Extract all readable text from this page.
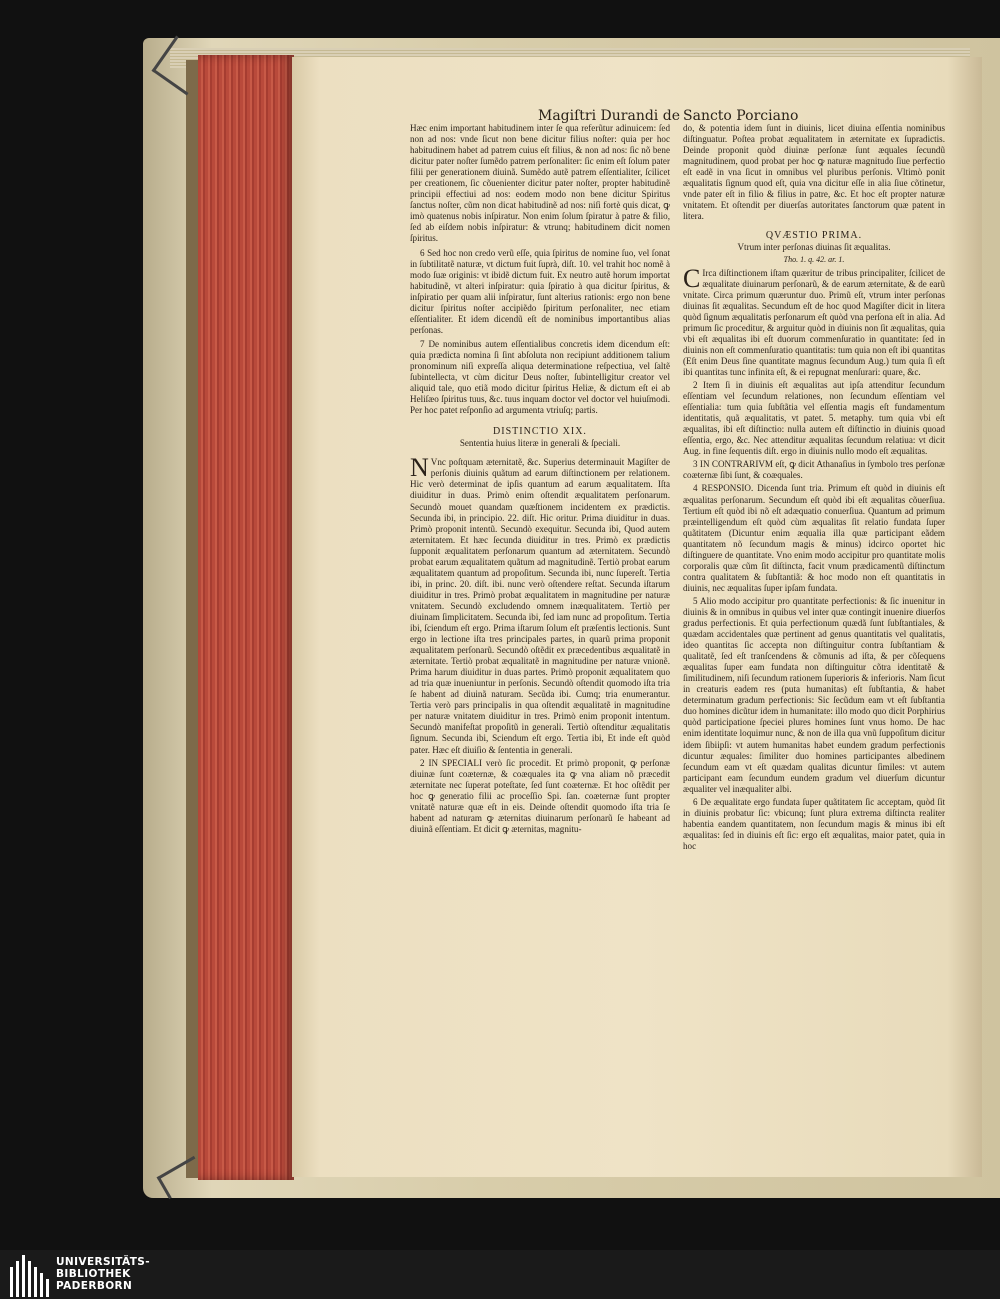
Magiſtri Durandi de Sancto Porciano

Hæc enim important habitudinem inter ſe qua referũtur adinuicem: ſed non ad nos: vnde ſicut non bene dicitur filius noſter: quia per hoc habitudinem habet ad patrem cuius eſt filius, & non ad nos: ſic nõ bene dicitur pater noſter ſumẽdo patrem perſonaliter: ſic enim eſt ſolum pater filii per generationem diuinã. Sumẽdo autẽ patrem eſſentialiter, ſcilicet per creationem, ſic cõuenienter dicitur pater noſter, propter habitudinẽ principii effectiui ad nos: eodem modo non bene dicitur Spiritus ſanctus noſter, cũm non dicat habitudinẽ ad nos: niſi fortè quis dicat, ꝙ imò quatenus nobis inſpiratur. Non enim ſolum ſpiratur à patre & filio, ſed ab eiſdem nobis inſpiratur: & vtrunq; habitudinem dicit nomen ſpiritus.

6 Sed hoc non credo verũ eſſe, quia ſpiritus de nomine ſuo, vel ſonat in ſubtilitatẽ naturæ, vt dictum fuit ſuprà, diſt. 10. vel trahit hoc nomẽ à modo ſuæ originis: vt ibidẽ dictum fuit. Ex neutro autẽ horum importat habitudinẽ, vt alteri inſpiratur: quia ſpiratio à qua dicitur ſpiritus, & inſpiratio per quam alii inſpiratur, ſunt alterius rationis: ergo non bene dicitur ſpiritus noſter accipiẽdo ſpiritum perſonaliter, nec etiam eſſentialiter. Et idem dicendũ eſt de nominibus importantibus alias perſonas.

7 De nominibus autem eſſentialibus concretis idem dicendum eſt: quia prædicta nomina ſi ſint abſoluta non recipiunt additionem talium pronominum niſi expreſſa aliqua determinatione reſpectiua, vel ſaltẽ ſubintellecta, vt cùm dicitur Deus noſter, ſubintelligitur creator vel aliquid tale, quo etiã modo dicitur ſpiritus Heliæ, & dictum eſt ei ab Heliſæo ſpiritus tuus, &c. tuus inquam doctor vel doctor vel huiuſmodi. Per hoc patet reſponſio ad argumenta vtriuſq; partis.

DISTINCTIO XIX.

Sententia huius literæ in generali & ſpeciali.

N Vnc poſtquam æternitatẽ, &c. Superius determinauit Magiſter de perſonis diuinis quãtum ad earum diſtinctionem per relationem. Hic verò determinat de ipſis quantum ad earum æqualitatem. Iſta diuiditur in duas. Primò enim oſtendit æqualitatem perſonarum. Secundò mouet quandam quæſtionem incidentem ex prædictis. Secunda ibi, in principio. 22. diſt. Hic oritur. Prima diuiditur in duas. Primò proponit intentũ. Secundò exequitur. Secunda ibi, Quod autem æternitatem. Et hæc ſecunda diuiditur in tres. Primò ex prædictis ſupponit æqualitatem perſonarum quantum ad æternitatem. Secundò probat earum æqualitatem quãtum ad magnitudinẽ. Tertiò probat earum æqualitatem quantum ad propoſitum. Secunda ibi, nunc ſupereſt. Tertia ibi, in princ. 20. diſt. ibi. nunc verò oſtendere reſtat. Secunda iſtarum diuiditur in tres. Primò probat æqualitatem in magnitudine per naturæ vnitatem. Secundò excludendo omnem inæqualitatem. Tertiò per diuinam ſimplicitatem. Secunda ibi, ſed iam nunc ad propoſitum. Tertia ibi, ſciendum eſt ergo. Prima iſtarum ſolum eſt præſentis lectionis. Sunt ergo in lectione iſta tres principales partes, in quarũ prima proponit æqualitatem perſonarũ. Secundò oſtẽdit ex præcedentibus æqualitatẽ in æternitate. Tertiò probat æqualitatẽ in magnitudine per naturæ vnionẽ. Prima harum diuiditur in duas partes. Primò proponit æqualitatem quo ad tria quæ inueniuntur in perſonis. Secundò oſtendit quomodo iſta tria ſe habent ad diuinã naturam. Secũda ibi. Cumq; tria enumerantur. Tertia verò pars principalis in qua oſtendit æqualitatẽ in magnitudine per naturæ vnitatem diuiditur in tres. Primò enim proponit intentum. Secundò manifeſtat propoſitũ in generali. Tertiò oſtenditur æqualitatis ſignum. Secunda ibi, Sciendum eſt ergo. Tertia ibi, Et inde eſt quòd pater. Hæc eſt diuiſio & ſententia in generali.

2 IN SPECIALI verò ſic procedit. Et primò proponit, ꝙ perſonæ diuinæ ſunt coæternæ, & coæquales ita ꝙ vna aliam nõ præcedit æternitate nec ſuperat poteſtate, ſed ſunt coæternæ. Et hoc oſtẽdit per hoc ꝙ generatio filii ac proceſſio Spi. ſan. coæternæ ſunt propter vnitatẽ naturæ quæ eſt in eis. Deinde oſtendit quomodo iſta tria ſe habent ad naturam ꝙ æternitas diuinarum perſonarũ ſe habeant ad diuinã eſſentiam. Et dicit ꝙ æternitas, magnitu-

do, & potentia idem ſunt in diuinis, licet diuina eſſentia nominibus diſtinguatur. Poſtea probat æqualitatem in æternitate ex ſupradictis. Deinde proponit quòd diuinæ perſonæ ſunt æquales ſecundũ magnitudinem, quod probat per hoc ꝙ naturæ magnitudo ſiue perfectio eſt eadẽ in vna ſicut in omnibus vel pluribus perſonis. Vltimò ponit æqualitatis ſignum quod eſt, quia vna dicitur eſſe in alia ſiue cõtinetur, vnde pater eſt in filio & filius in patre, &c. Et hoc eſt propter naturæ vnitatem. Et oſtendit per diuerſas autoritates ſanctorum quæ patent in litera.

QVÆSTIO PRIMA.

Vtrum inter perſonas diuinas ſit æqualitas.

Tho. 1. q. 42. ar. 1.

C Irca diſtinctionem iſtam quæritur de tribus principaliter, ſcilicet de æqualitate diuinarum perſonarũ, & de earum æternitate, & de earũ vnitate. Circa primum quæruntur duo. Primũ eſt, vtrum inter perſonas diuinas ſit æqualitas. Secundum eſt de hoc quod Magiſter dicit in litera quòd ſignum æqualitatis perſonarum eſt quòd vna perſona eſt in alia. Ad primum ſic proceditur, & arguitur quòd in diuinis non ſit æqualitas, quia vbi eſt æqualitas ibi eſt duorum commenſuratio in quantitate: ſed in diuinis non eſt commenſuratio quantitatis: tum quia non eſt ibi quantitas (Eſt enim Deus ſine quantitate magnus ſecundum Aug.) tum quia ſi eſt ibi quantitas tunc infinita eſt, & ei repugnat menſurari: quare, &c.

2 Item ſi in diuinis eſt æqualitas aut ipſa attenditur ſecundum eſſentiam vel ſecundum relationes, non ſecundum eſſentiam vel eſſentialia: tum quia ſubſtãtia vel eſſentia magis eſt fundamentum identitatis, quã æqualitatis, vt patet. 5. metaphy. tum quia vbi eſt æqualitas, ibi eſt diſtinctio: nulla autem eſt diſtinctio in diuinis quoad eſſentia, ergo, &c. Nec attenditur æqualitas ſecundum relatiua: vt dicit Aug. in fine ſequentis diſt. ergo in diuinis nullo modo eſt æqualitas.

3 IN CONTRARIVM eſt, ꝙ dicit Athanaſius in ſymbolo tres perſonæ coæternæ ſibi ſunt, & coæquales.

4 RESPONSIO. Dicenda ſunt tria. Primum eſt quòd in diuinis eſt æqualitas perſonarum. Secundum eſt quòd ibi eſt æqualitas cõuerſiua. Tertium eſt quòd ibi nõ eſt adæquatio conuerſiua. Quantum ad primum præintelligendum eſt quòd cùm æqualitas ſit relatio fundata ſuper quãtitatem (Dicuntur enim æqualia illa quæ participant eãdem quantitatem nõ ſecundum magis & minus) idcirco oportet hic diſtinguere de quantitate. Vno enim modo accipitur pro quantitate molis corporalis quæ cũm ſit diſtincta, facit vnum prædicamentũ diſtinctum contra qualitatem & ſubſtantiã: & hoc modo non eſt quantitatis in diuinis, nec æqualitas ſuper ipſam fundata.

5 Alio modo accipitur pro quantitate perfectionis: & ſic inuenitur in diuinis & in omnibus in quibus vel inter quæ contingit inuenire diuerſos gradus perfectionis. Et quia perfectionum quædã ſunt ſubſtantiales, & quædam accidentales quæ pertinent ad genus quantitatis vel qualitatis, ideo quantitas ſic accepta non diſtinguitur contra ſubſtantiam & qualitatẽ, ſed eſt tranſcendens & cõmunis ad iſta, & per cõſequens æqualitas ſuper eam fundata non diſtinguitur cõtra identitatẽ & ſimilitudinem, niſi ſecundum rationem ſuperioris & inferioris. Nam ſicut in creaturis eadem res (puta humanitas) eſt ſubſtantia, & habet determinatum gradum perfectionis: Sic ſecũdum eam vt eſt ſubſtantia duo homines dicũtur idem in humanitate: illo modo quo dicit Porphirius quòd participatione ſpeciei plures homines ſunt vnus homo. De hac enim identitate loquimur nunc, & non de illa qua vnũ ſuppoſitum dicitur idem ſibiipſi: vt autem humanitas habet eundem gradum perfectionis dicuntur æquales: ſimiliter duo homines participantes albedinem ſecundum eam vt eſt quædam qualitas dicuntur ſimiles: vt autem participant eam ſecundum eundem gradum vel diuerſum dicuntur æqualiter vel inæqualiter albi.

6 De æqualitate ergo fundata ſuper quãtitatem ſic acceptam, quòd ſit in diuinis probatur ſic: vbicunq; ſunt plura extrema diſtincta realiter habentia eandem quantitatem, non ſecundum magis & minus ibi eſt æqualitas: ſed in diuinis eſt ſic: ergo eſt æqualitas, maior patet, quia in hoc

UNIVERSITÄTS-
BIBLIOTHEK
PADERBORN
